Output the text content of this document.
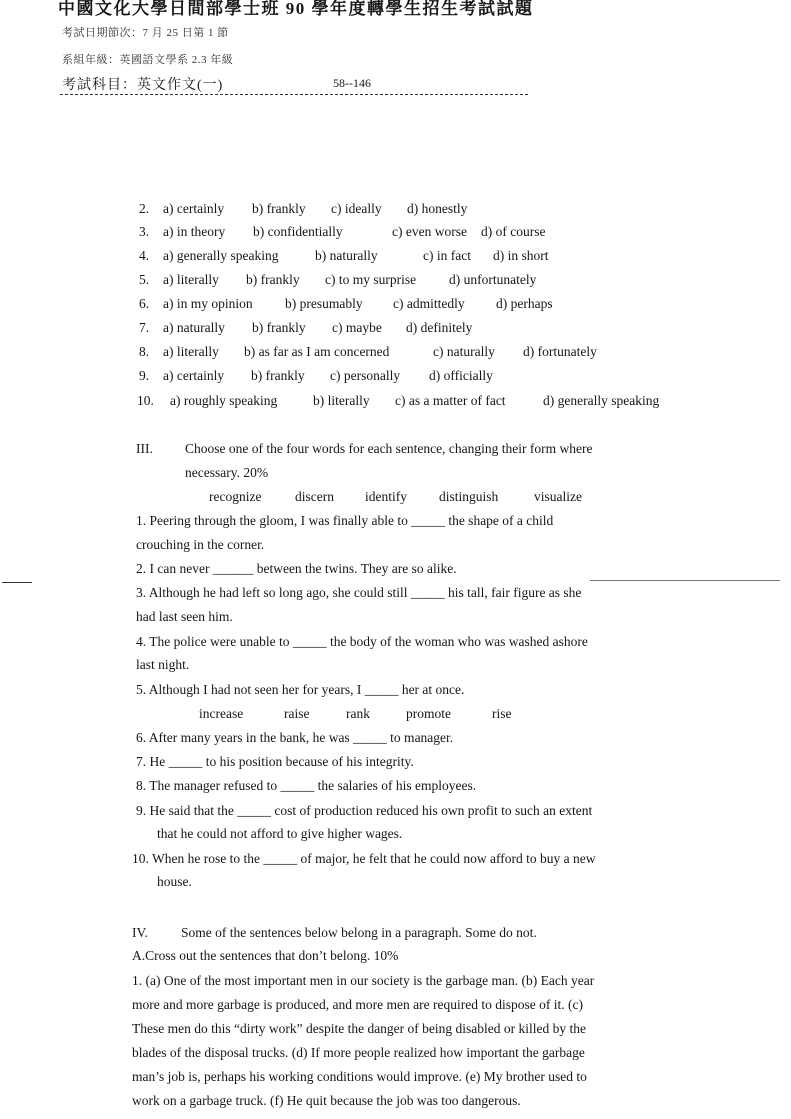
中國文化大學日間部學士班 90 學年度轉學生招生考試試題
考試日期節次：7 月 25 日第 1 節
系組年級：英國語文學系 2.3 年級
考試科目：英文作文(一)	58--146
2. a) certainly b) frankly c) ideally d) honestly
3. a) in theory b) confidentially	c) even worse d) of course
4. a) generally speaking	b) naturally	c) in fact d) in short
5. a) literally b) frankly c) to my surprise d) unfortunately
6. a) in my opinion b) presumably c) admittedly d) perhaps
7. a) naturally b) frankly c) maybe d) definitely
8. a) literally b) as far as I am concerned	c) naturally d) fortunately
9. a) certainly b) frankly c) personally d) officially
10. a) roughly speaking	b) literally c) as a matter of fact	d) generally speaking
III. Choose one of the four words for each sentence, changing their form where
necessary. 20%
recognize discern identify distinguish	visualize
1. Peering through the gloom, I was finally able to _____ the shape of a child
crouching in the corner.
2. I can never ______ between the twins. They are so alike.
3. Although he had left so long ago, she could still _____ his tall, fair figure as she
had last seen him.
4. The police were unable to _____ the body of the woman who was washed ashore
last night.
5. Although I had not seen her for years, I _____ her at once.
increase	raise	rank	promote	rise
6. After many years in the bank, he was _____ to manager.
7. He _____ to his position because of his integrity.
8. The manager refused to _____ the salaries of his employees.
9. He said that the _____ cost of production reduced his own profit to such an extent
that he could not afford to give higher wages.
10. When he rose to the _____ of major, he felt that he could now afford to buy a new
house.
IV. Some of the sentences below belong in a paragraph. Some do not.
A.Cross out the sentences that don’t belong. 10%
1. (a) One of the most important men in our society is the garbage man. (b) Each year
more and more garbage is produced, and more men are required to dispose of it. (c)
These men do this “dirty work” despite the danger of being disabled or killed by the
blades of the disposal trucks. (d) If more people realized how important the garbage
man’s job is, perhaps his working conditions would improve. (e) My brother used to
work on a garbage truck. (f) He quit because the job was too dangerous.
